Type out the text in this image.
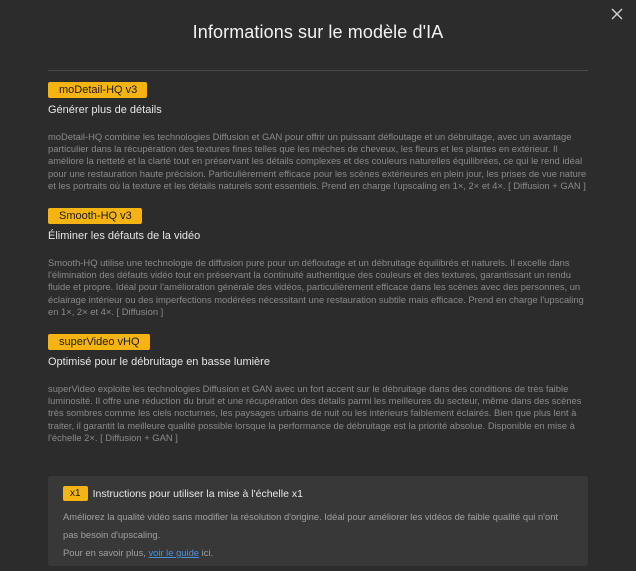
Informations sur le modèle d'IA
moDetail-HQ v3

Générer plus de détails

moDetail-HQ combine les technologies Diffusion et GAN pour offrir un puissant défloutage et un débruitage, avec un avantage particulier dans la récupération des textures fines telles que les mèches de cheveux, les fleurs et les plantes en extérieur. Il améliore la netteté et la clarté tout en préservant les détails complexes et des couleurs naturelles équilibrées, ce qui le rend idéal pour une restauration haute précision. Particulièrement efficace pour les scènes extérieures en plein jour, les prises de vue nature et les portraits où la texture et les détails naturels sont essentiels. Prend en charge l'upscaling en 1×, 2× et 4×. [ Diffusion + GAN ]

Smooth-HQ v3

Éliminer les défauts de la vidéo

Smooth-HQ utilise une technologie de diffusion pure pour un défloutage et un débruitage équilibrés et naturels. Il excelle dans l'élimination des défauts vidéo tout en préservant la continuité authentique des couleurs et des textures, garantissant un rendu fluide et propre. Idéal pour l'amélioration générale des vidéos, particulièrement efficace dans les scènes avec des personnes, un éclairage intérieur ou des imperfections modérées nécessitant une restauration subtile mais efficace. Prend en charge l'upscaling en 1×, 2× et 4×. [ Diffusion ]

superVideo vHQ

Optimisé pour le débruitage en basse lumière

superVideo exploite les technologies Diffusion et GAN avec un fort accent sur le débruitage dans des conditions de très faible luminosité. Il offre une réduction du bruit et une récupération des détails parmi les meilleures du secteur, même dans des scènes très sombres comme les ciels nocturnes, les paysages urbains de nuit ou les intérieurs faiblement éclairés. Bien que plus lent à traiter, il garantit la meilleure qualité possible lorsque la performance de débruitage est la priorité absolue. Disponible en mise à l'échelle 2×. [ Diffusion + GAN ]

x1	Instructions pour utiliser la mise à l'échelle x1

Améliorez la qualité vidéo sans modifier la résolution d'origine. Idéal pour améliorer les vidéos de faible qualité qui n'ont pas besoin d'upscaling.

Pour en savoir plus, voir le guide ici.
